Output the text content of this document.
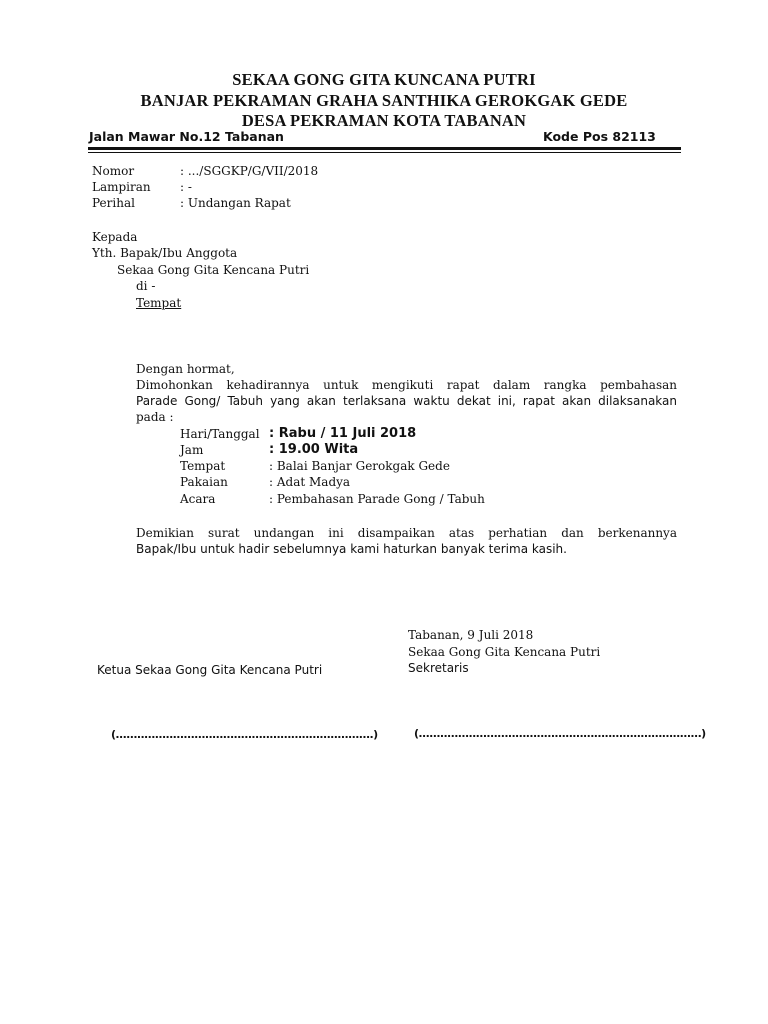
SEKAA GONG GITA KUNCANA PUTRI
BANJAR PEKRAMAN GRAHA SANTHIKA GEROKGAK GEDE
DESA PEKRAMAN KOTA TABANAN
Jalan Mawar No.12 Tabanan	Kode Pos 82113
Nomor	: .../SGGKP/G/VII/2018
Lampiran : -
Perihal	: Undangan Rapat
Kepada
Yth. Bapak/Ibu Anggota
Sekaa Gong Gita Kencana Putri
di -
Tempat
Dengan hormat,
Dimohonkan kehadirannya untuk mengikuti rapat dalam rangka pembahasan
Parade Gong/ Tabuh yang akan terlaksana waktu dekat ini, rapat akan dilaksanakan
pada :
Hari/Tanggal : Rabu / 11 Juli 2018
Jam	: 19.00 Wita
Tempat	: Balai Banjar Gerokgak Gede
Pakaian	: Adat Madya
Acara	: Pembahasan Parade Gong / Tabuh
Demikian surat undangan ini disampaikan atas perhatian dan berkenannya
Bapak/Ibu untuk hadir sebelumnya kami haturkan banyak terima kasih.
Tabanan, 9 Juli 2018
Sekaa Gong Gita Kencana Putri
Sekretaris
Ketua Sekaa Gong Gita Kencana Putri
(........................................................................)	(...............................................................................)
